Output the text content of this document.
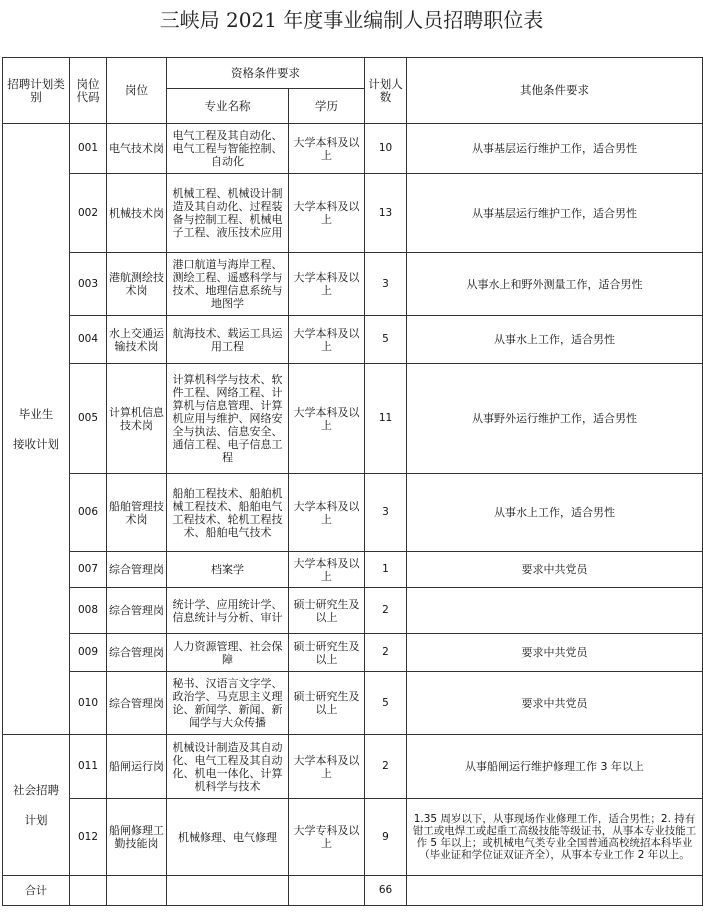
三峡局 2021 年度事业编制人员招聘职位表
招聘计划类别	岗位代码	岗位	资格条件要求		计划人数	其他条件要求
			专业名称	学历		

毕业生
接收计划	001	电气技术岗	电气工程及其自动化、电气工程与智能控制、自动化	大学本科及以上	10	从事基层运行维护工作，适合男性
	002	机械技术岗	机械工程、机械设计制造及其自动化、过程装备与控制工程、机械电子工程、液压技术应用	大学本科及以上	13	从事基层运行维护工作，适合男性
	003	港航测绘技术岗	港口航道与海岸工程、测绘工程、遥感科学与技术、地理信息系统与地图学	大学本科及以上	3	从事水上和野外测量工作，适合男性
	004	水上交通运输技术岗	航海技术、载运工具运用工程	大学本科及以上	5	从事水上工作，适合男性
	005	计算机信息技术岗	计算机科学与技术、软件工程、网络工程、计算机与信息管理、计算机应用与维护、网络安全与执法、信息安全、通信工程、电子信息工程	大学本科及以上	11	从事野外运行维护工作，适合男性
	006	船舶管理技术岗	船舶工程技术、船舶机械工程技术、船舶电气工程技术、轮机工程技术、船舶电气技术	大学本科及以上	3	从事水上工作，适合男性
	007	综合管理岗	档案学	大学本科及以上	1	要求中共党员
	008	综合管理岗	统计学、应用统计学、信息统计与分析、审计	硕士研究生及以上	2	
	009	综合管理岗	人力资源管理、社会保障	硕士研究生及以上	2	要求中共党员
	010	综合管理岗	秘书、汉语言文字学、政治学、马克思主义理论、新闻学、新闻、新闻学与大众传播	硕士研究生及以上	5	要求中共党员

社会招聘
计划	011	船闸运行岗	机械设计制造及其自动化、电气工程及其自动化、机电一体化、计算机科学与技术	大学本科及以上	2	从事船闸运行维护修理工作 3 年以上
	012	船闸修理工勤技能岗	机械修理、电气修理	大学专科及以上	9	1.35 周岁以下，从事现场作业修理工作，适合男性；2. 持有钳工或电焊工或起重工高级技能等级证书，从事本专业技能工作 5 年以上；或机械电气类专业全国普通高校统招本科毕业（毕业证和学位证双证齐全），从事本专业工作 2 年以上。
合计					66	
